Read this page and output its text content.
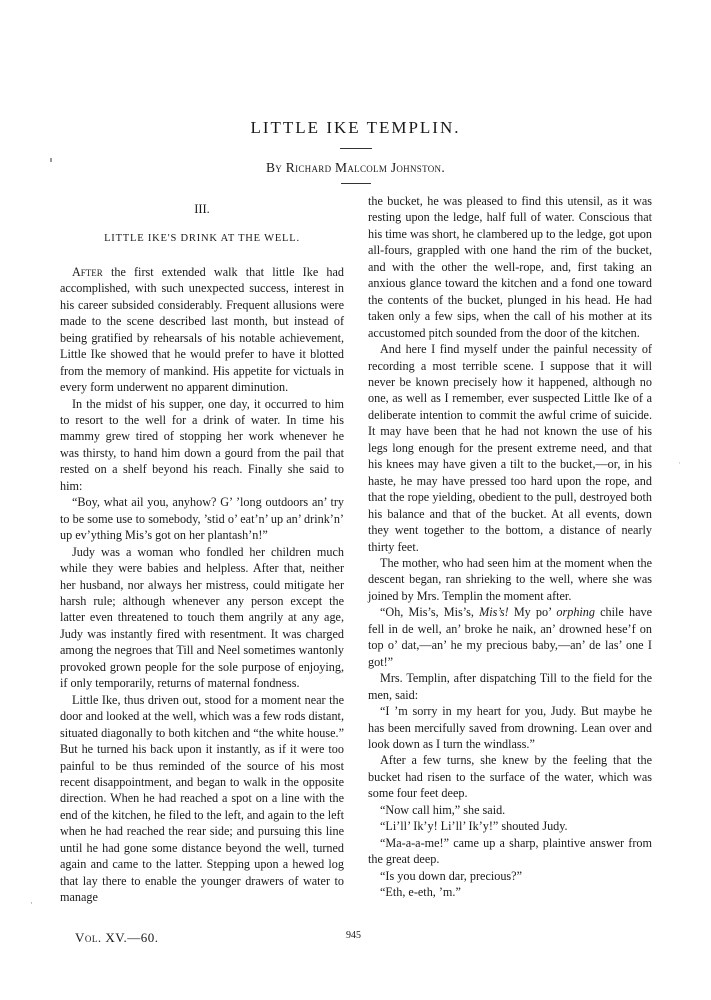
LITTLE IKE TEMPLIN.
By Richard Malcolm Johnston.
III.
LITTLE IKE'S DRINK AT THE WELL.

After the first extended walk that little Ike had accomplished, with such unexpected success, interest in his career subsided considerably. Frequent allusions were made to the scene described last month, but instead of being gratified by rehearsals of his notable achievement, Little Ike showed that he would prefer to have it blotted from the memory of mankind. His appetite for victuals in every form underwent no apparent diminution.

In the midst of his supper, one day, it occurred to him to resort to the well for a drink of water. In time his mammy grew tired of stopping her work whenever he was thirsty, to hand him down a gourd from the pail that rested on a shelf beyond his reach. Finally she said to him:

“Boy, what ail you, anyhow? G’ ’long outdoors an’ try to be some use to somebody, ’stid o’ eat’n’ up an’ drink’n’ up ev’ything Mis’s got on her plantash’n!”

Judy was a woman who fondled her children much while they were babies and helpless. After that, neither her husband, nor always her mistress, could mitigate her harsh rule; although whenever any person except the latter even threatened to touch them angrily at any age, Judy was instantly fired with resentment. It was charged among the negroes that Till and Neel sometimes wantonly provoked grown people for the sole purpose of enjoying, if only temporarily, returns of maternal fondness.

Little Ike, thus driven out, stood for a moment near the door and looked at the well, which was a few rods distant, situated diagonally to both kitchen and “the white house.” But he turned his back upon it instantly, as if it were too painful to be thus reminded of the source of his most recent disappointment, and began to walk in the opposite direction. When he had reached a spot on a line with the end of the kitchen, he filed to the left, and again to the left when he had reached the rear side; and pursuing this line until he had gone some distance beyond the well, turned again and came to the latter. Stepping upon a hewed log that lay there to enable the younger drawers of water to manage

the bucket, he was pleased to find this utensil, as it was resting upon the ledge, half full of water. Conscious that his time was short, he clambered up to the ledge, got upon all-fours, grappled with one hand the rim of the bucket, and with the other the well-rope, and, first taking an anxious glance toward the kitchen and a fond one toward the contents of the bucket, plunged in his head. He had taken only a few sips, when the call of his mother at its accustomed pitch sounded from the door of the kitchen.

And here I find myself under the painful necessity of recording a most terrible scene. I suppose that it will never be known precisely how it happened, although no one, as well as I remember, ever suspected Little Ike of a deliberate intention to commit the awful crime of suicide. It may have been that he had not known the use of his legs long enough for the present extreme need, and that his knees may have given a tilt to the bucket,—or, in his haste, he may have pressed too hard upon the rope, and that the rope yielding, obedient to the pull, destroyed both his balance and that of the bucket. At all events, down they went together to the bottom, a distance of nearly thirty feet.

The mother, who had seen him at the moment when the descent began, ran shrieking to the well, where she was joined by Mrs. Templin the moment after.

“Oh, Mis’s, Mis’s, Mis’s! My po’ orphing chile have fell in de well, an’ broke he naik, an’ drowned hese’f on top o’ dat,—an’ he my precious baby,—an’ de las’ one I got!”

Mrs. Templin, after dispatching Till to the field for the men, said:

“I ’m sorry in my heart for you, Judy. But maybe he has been mercifully saved from drowning. Lean over and look down as I turn the windlass.”

After a few turns, she knew by the feeling that the bucket had risen to the surface of the water, which was some four feet deep.

“Now call him,” she said.

“Li’ll’ Ik’y! Li’ll’ Ik’y!” shouted Judy.

“Ma-a-a-me!” came up a sharp, plaintive answer from the great deep.

“Is you down dar, precious?”

“Eth, e-eth, ’m.”

Vol. XV.—60.	945
·
·
